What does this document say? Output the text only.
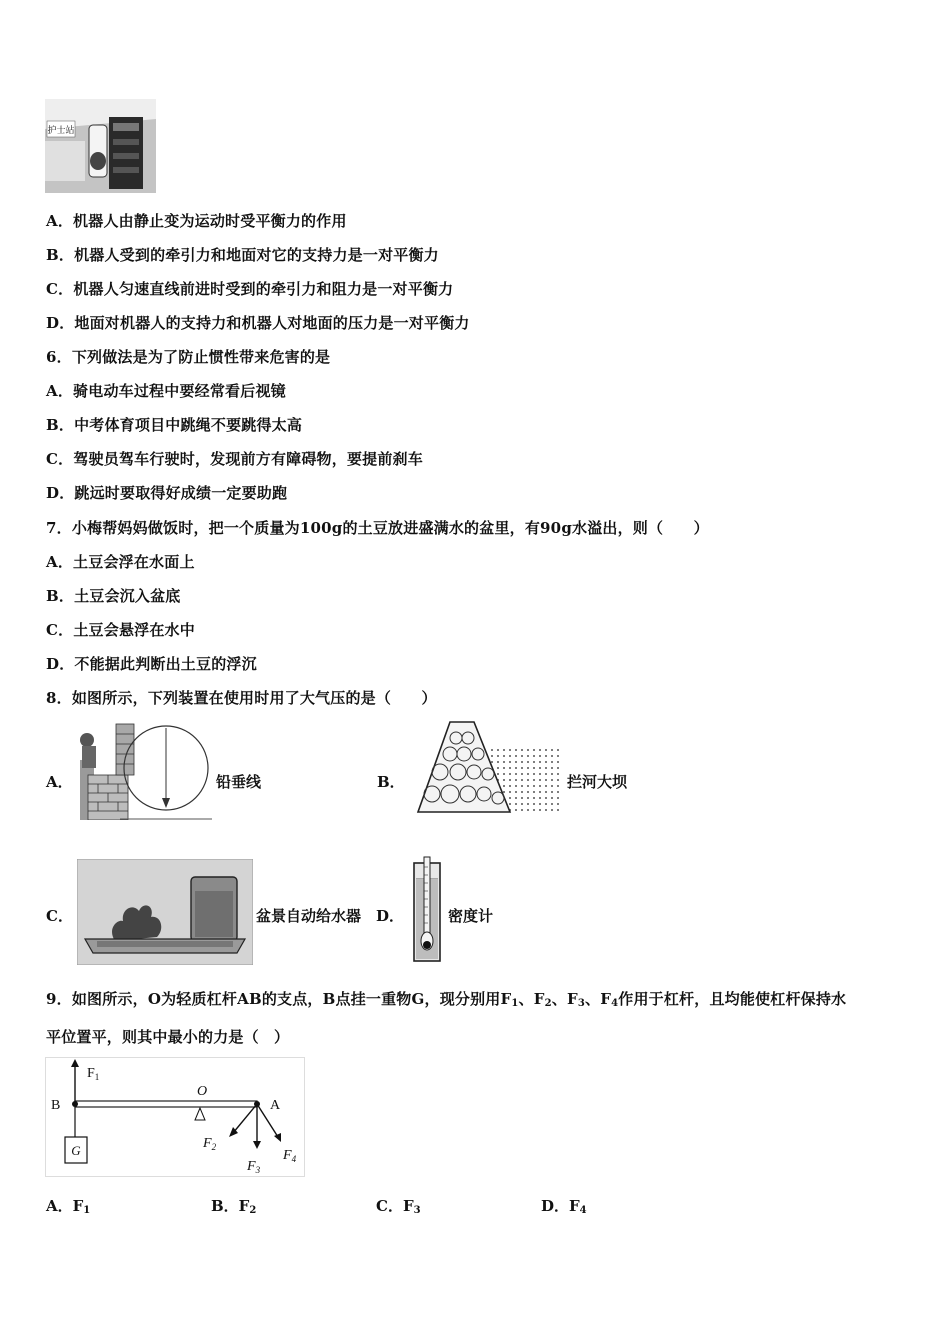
护士站
A．机器人由静止变为运动时受平衡力的作用
B．机器人受到的牵引力和地面对它的支持力是一对平衡力
C．机器人匀速直线前进时受到的牵引力和阻力是一对平衡力
D．地面对机器人的支持力和机器人对地面的压力是一对平衡力
6．下列做法是为了防止惯性带来危害的是
A．骑电动车过程中要经常看后视镜
B．中考体育项目中跳绳不要跳得太高
C．驾驶员驾车行驶时，发现前方有障碍物，要提前刹车
D．跳远时要取得好成绩一定要助跑
7．小梅帮妈妈做饭时，把一个质量为100g的土豆放进盛满水的盆里，有90g水溢出，则（　　）
A．土豆会浮在水面上
B．土豆会沉入盆底
C．土豆会悬浮在水中
D．不能据此判断出土豆的浮沉
8．如图所示，下列装置在使用时用了大气压的是（　　）
A．	铅垂线	B．	拦河大坝
C．	盆景自动给水器 D．	密度计
9．如图所示，O为轻质杠杆AB的支点，B点挂一重物G，现分别用$F_1$、$F_2$、$F_3$、$F_4$作用于杠杆，且均能使杠杆保持水
平位置平，则其中最小的力是（　）
$F_1$
G
B
O
A
$F_2$
$F_3$
$F_4$
A．$F_1$	B．$F_2$	C．$F_3$	D．$F_4$
